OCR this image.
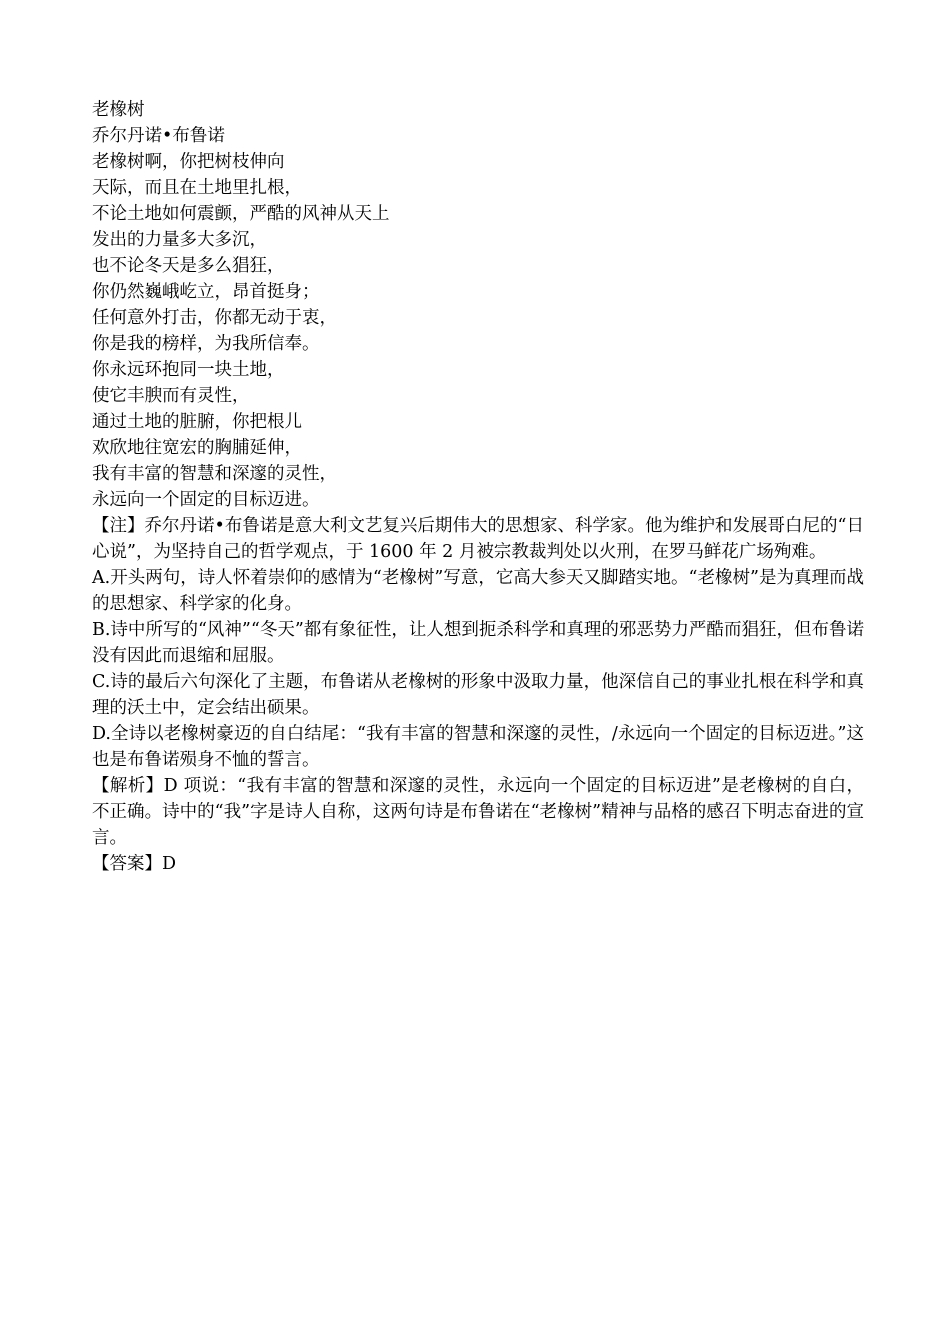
老橡树
乔尔丹诺•布鲁诺
老橡树啊，你把树枝伸向
天际，而且在土地里扎根，
不论土地如何震颤，严酷的风神从天上
发出的力量多大多沉，
也不论冬天是多么猖狂，
你仍然巍峨屹立，昂首挺身；
任何意外打击，你都无动于衷，
你是我的榜样，为我所信奉。
你永远环抱同一块土地，
使它丰腴而有灵性，
通过土地的脏腑，你把根儿
欢欣地往宽宏的胸脯延伸，
我有丰富的智慧和深邃的灵性，
永远向一个固定的目标迈进。
【注】乔尔丹诺•布鲁诺是意大利文艺复兴后期伟大的思想家、科学家。他为维护和发展哥白尼的“日心说”，为坚持自己的哲学观点，于 1600 年 2 月被宗教裁判处以火刑，在罗马鲜花广场殉难。
A.开头两句，诗人怀着崇仰的感情为“老橡树”写意，它高大参天又脚踏实地。“老橡树”是为真理而战的思想家、科学家的化身。
B.诗中所写的“风神”“冬天”都有象征性，让人想到扼杀科学和真理的邪恶势力严酷而猖狂，但布鲁诺没有因此而退缩和屈服。
C.诗的最后六句深化了主题，布鲁诺从老橡树的形象中汲取力量，他深信自己的事业扎根在科学和真理的沃土中，定会结出硕果。
D.全诗以老橡树豪迈的自白结尾：“我有丰富的智慧和深邃的灵性，/永远向一个固定的目标迈进。”这也是布鲁诺殒身不恤的誓言。
【解析】D 项说：“我有丰富的智慧和深邃的灵性，永远向一个固定的目标迈进”是老橡树的自白，不正确。诗中的“我”字是诗人自称，这两句诗是布鲁诺在“老橡树”精神与品格的感召下明志奋进的宣言。
【答案】D
